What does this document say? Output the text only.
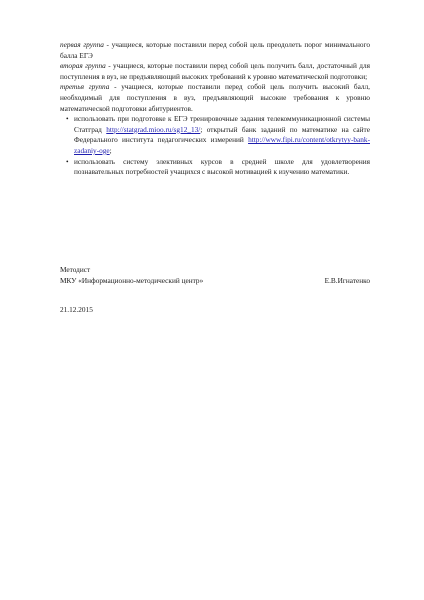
первая группа - учащиеся, которые поставили перед собой цель преодолеть порог минимального балла ЕГЭ

вторая группа - учащиеся, которые поставили перед собой цель получить балл, достаточный для поступления в вуз, не предъявляющий высоких требований к уровню математической подготовки;

третья группа - учащиеся, которые поставили перед собой цель получить высокий балл, необходимый для поступления в вуз, предъявляющий высокие требования к уровню математической подготовки абитуриентов.

• использовать при подготовке к ЕГЭ тренировочные задания телекоммуникационной системы Статград http://statgrad.mioo.ru/sg12_13/; открытый банк заданий по математике на сайте Федерального института педагогических измерений http://www.fipi.ru/content/otkrytyy-bank-zadaniy-oge;
• использовать систему элективных курсов в средней школе для удовлетворения познавательных потребностей учащихся с высокой мотивацией к изучению математики.
Методист
МКУ «Информационно-методический центр»	Е.В.Игнатенко
21.12.2015
